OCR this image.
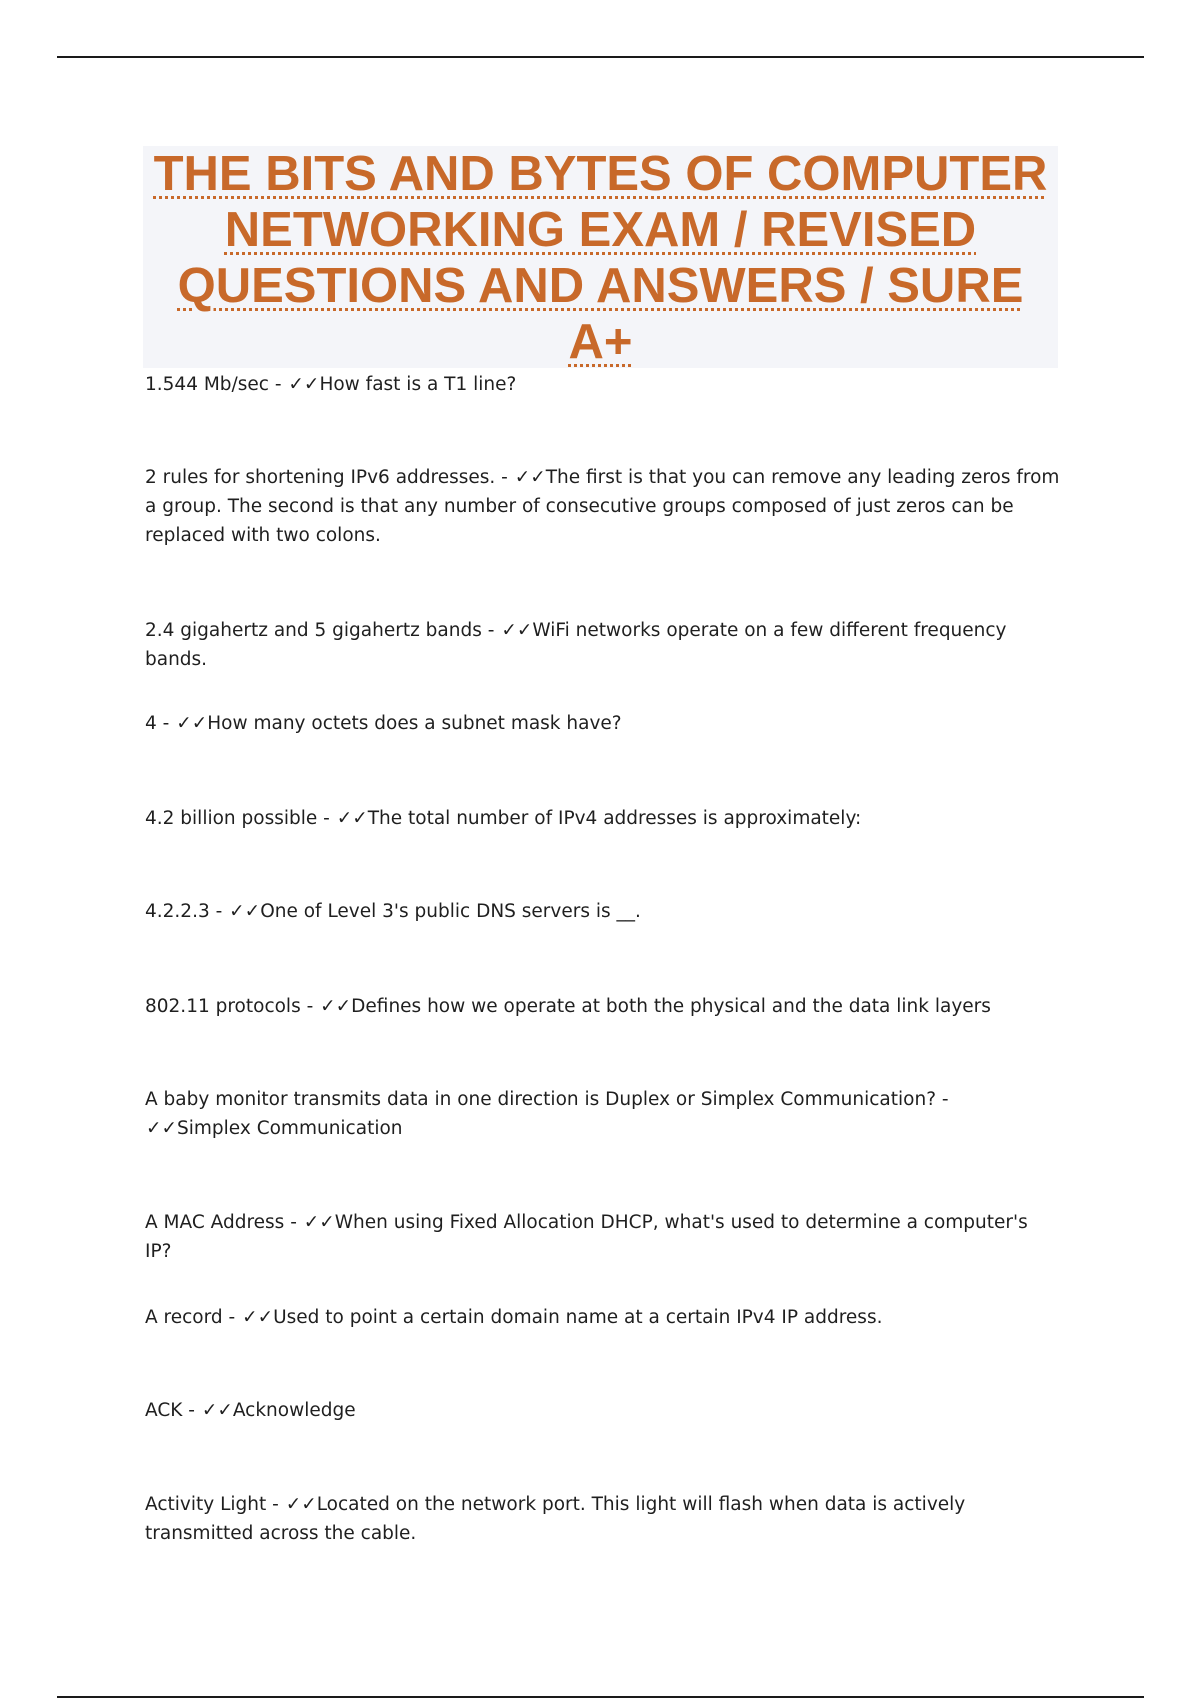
THE BITS AND BYTES OF COMPUTER NETWORKING EXAM / REVISED QUESTIONS AND ANSWERS / SURE A+

1.544 Mb/sec - ✓✓How fast is a T1 line?

2 rules for shortening IPv6 addresses. - ✓✓The first is that you can remove any leading zeros from a group. The second is that any number of consecutive groups composed of just zeros can be replaced with two colons.

2.4 gigahertz and 5 gigahertz bands - ✓✓WiFi networks operate on a few different frequency bands.

4 - ✓✓How many octets does a subnet mask have?

4.2 billion possible - ✓✓The total number of IPv4 addresses is approximately:

4.2.2.3 - ✓✓One of Level 3's public DNS servers is __.

802.11 protocols - ✓✓Defines how we operate at both the physical and the data link layers

A baby monitor transmits data in one direction is Duplex or Simplex Communication? - ✓✓Simplex Communication

A MAC Address - ✓✓When using Fixed Allocation DHCP, what's used to determine a computer's IP?

A record - ✓✓Used to point a certain domain name at a certain IPv4 IP address.

ACK - ✓✓Acknowledge

Activity Light - ✓✓Located on the network port. This light will flash when data is actively transmitted across the cable.
